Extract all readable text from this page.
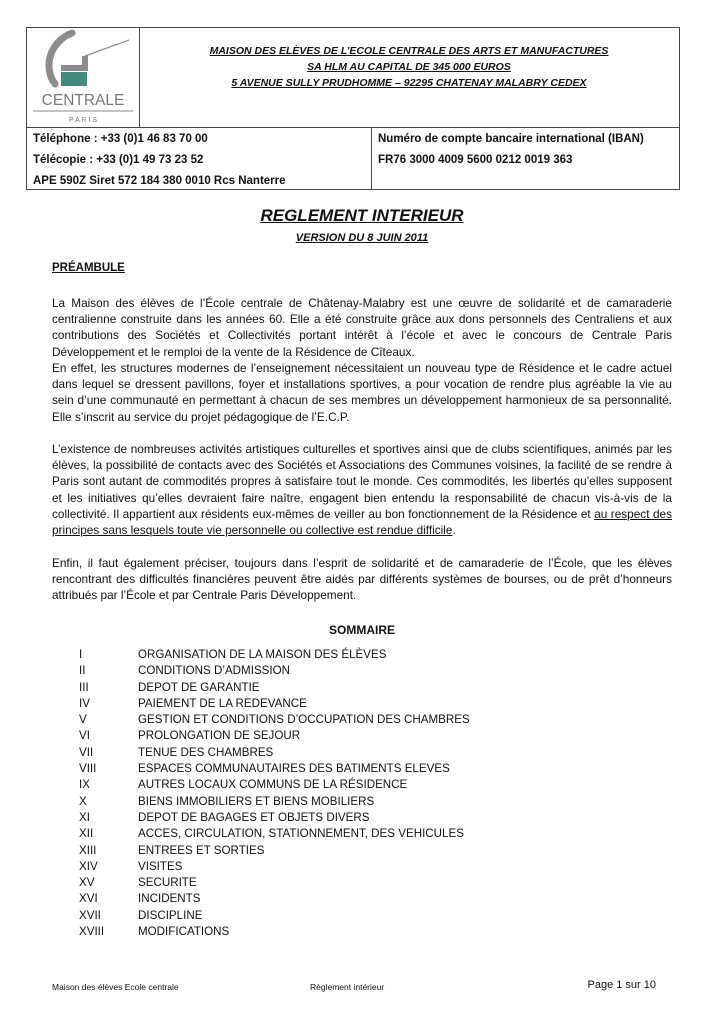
CENTRALE
P A R I S
MAISON DES ELÈVES DE L’ECOLE CENTRALE DES ARTS ET MANUFACTURES
SA HLM AU CAPITAL DE 345 000 EUROS
5 AVENUE SULLY PRUDHOMME – 92295 CHATENAY MALABRY CEDEX
Téléphone : +33 (0)1 46 83 70 00
Télécopie : +33 (0)1 49 73 23 52
APE 590Z Siret 572 184 380 0010 Rcs Nanterre
Numéro de compte bancaire international (IBAN)
FR76 3000 4009 5600 0212 0019 363
REGLEMENT INTERIEUR
VERSION DU 8 JUIN 2011
PRÉAMBULE

La Maison des élèves de l’École centrale de Châtenay-Malabry est une œuvre de solidarité et de camaraderie centralienne construite dans les années 60. Elle a été construite grâce aux dons personnels des Centraliens et aux contributions des Sociétés et Collectivités portant intérêt à l’école et avec le concours de Centrale Paris Développement et le remploi de la vente de la Résidence de Cîteaux.

En effet, les structures modernes de l’enseignement nécessitaient un nouveau type de Résidence et le cadre actuel dans lequel se dressent pavillons, foyer et installations sportives, a pour vocation de rendre plus agréable la vie au sein d’une communauté en permettant à chacun de ses membres un développement harmonieux de sa personnalité. Elle s’inscrit au service du projet pédagogique de l’E.C.P.

L’existence de nombreuses activités artistiques culturelles et sportives ainsi que de clubs scientifiques, animés par les élèves, la possibilité de contacts avec des Sociétés et Associations des Communes voisines, la facilité de se rendre à Paris sont autant de commodités propres à satisfaire tout le monde. Ces commodités, les libertés qu’elles supposent et les initiatives qu’elles devraient faire naître, engagent bien entendu la responsabilité de chacun vis-à-vis de la collectivité. Il appartient aux résidents eux-mêmes de veiller au bon fonctionnement de la Résidence et au respect des principes sans lesquels toute vie personnelle ou collective est rendue difficile.

Enfin, il faut également préciser, toujours dans l’esprit de solidarité et de camaraderie de l’École, que les élèves rencontrant des difficultés financières peuvent être aidés par différents systèmes de bourses, ou de prêt d’honneurs attribués par l’École et par Centrale Paris Développement.

SOMMAIRE
I	ORGANISATION DE LA MAISON DES ÉLÈVES
II	CONDITIONS D’ADMISSION
III	DEPOT DE GARANTIE
IV	PAIEMENT DE LA REDEVANCE
V	GESTION ET CONDITIONS D’OCCUPATION DES CHAMBRES
VI	PROLONGATION DE SEJOUR
VII	TENUE DES CHAMBRES
VIII	ESPACES COMMUNAUTAIRES DES BATIMENTS ELEVES
IX	AUTRES LOCAUX COMMUNS DE LA RÉSIDENCE
X	BIENS IMMOBILIERS ET BIENS MOBILIERS
XI	DEPOT DE BAGAGES ET OBJETS DIVERS
XII	ACCES, CIRCULATION, STATIONNEMENT, DES VEHICULES
XIII	ENTREES ET SORTIES
XIV	VISITES
XV	SECURITE
XVI	INCIDENTS
XVII	DISCIPLINE
XVIII	MODIFICATIONS
Maison des élèves Ecole centrale	Règlement intérieur	Page 1 sur 10
